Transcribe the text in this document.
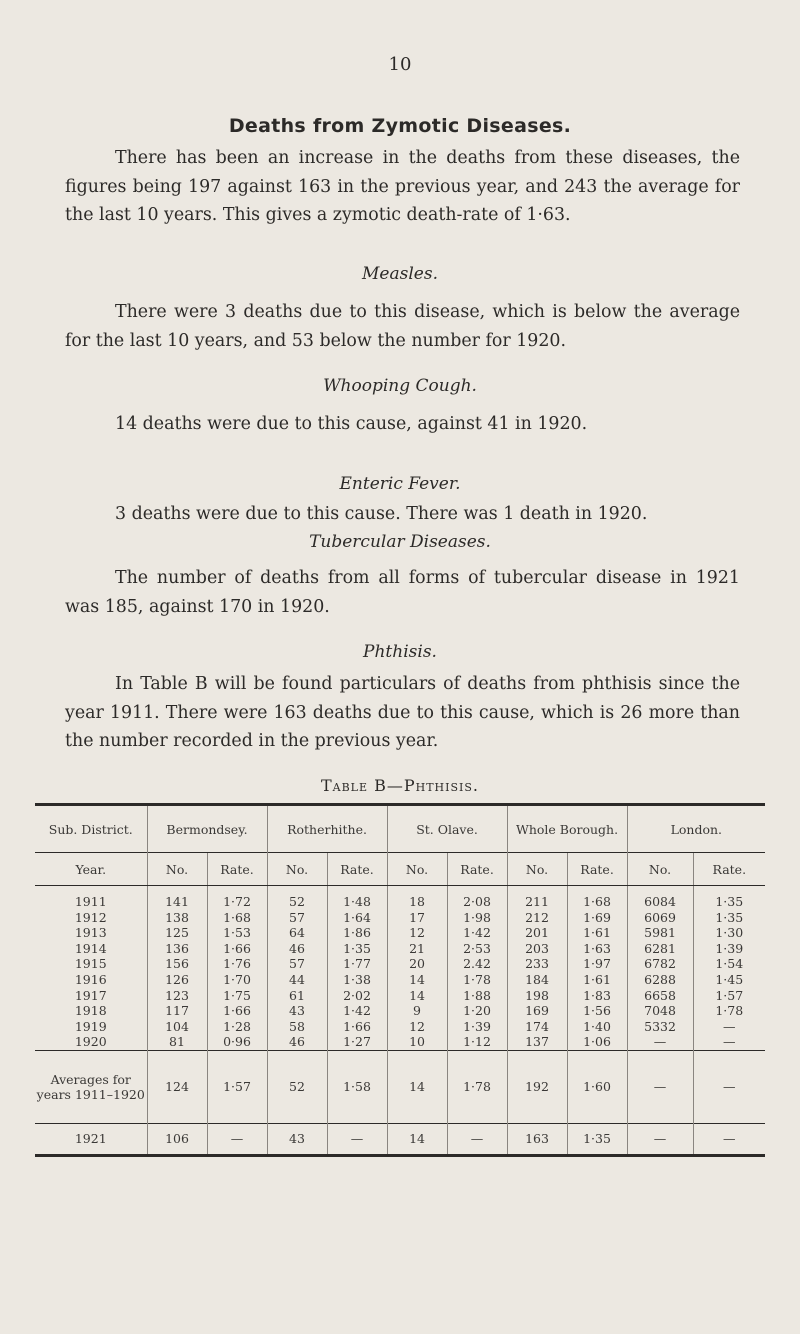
10
Deaths from Zymotic Diseases.

There has been an increase in the deaths from these diseases, the figures being 197 against 163 in the previous year, and 243 the average for the last 10 years. This gives a zymotic death-rate of 1·63.

Measles.

There were 3 deaths due to this disease, which is below the average for the last 10 years, and 53 below the number for 1920.

Whooping Cough.

14 deaths were due to this cause, against 41 in 1920.

Enteric Fever.

3 deaths were due to this cause. There was 1 death in 1920.

Tubercular Diseases.

The number of deaths from all forms of tubercular disease in 1921 was 185, against 170 in 1920.

Phthisis.

In Table B will be found particulars of deaths from phthisis since the year 1911. There were 163 deaths due to this cause, which is 26 more than the number recorded in the previous year.

Table B—Phthisis.
Sub. District.	Bermondsey.		Rotherhithe.		St. Olave.		Whole Borough.		London.	
Year.	No.	Rate.	No.	Rate.	No.	Rate.	No.	Rate.	No.	Rate.
1911	141	1·72	52	1·48	18	2·08	211	1·68	6084	1·35
1912	138	1·68	57	1·64	17	1·98	212	1·69	6069	1·35
1913	125	1·53	64	1·86	12	1·42	201	1·61	5981	1·30
1914	136	1·66	46	1·35	21	2·53	203	1·63	6281	1·39
1915	156	1·76	57	1·77	20	2.42	233	1·97	6782	1·54
1916	126	1·70	44	1·38	14	1·78	184	1·61	6288	1·45
1917	123	1·75	61	2·02	14	1·88	198	1·83	6658	1·57
1918	117	1·66	43	1·42	9	1·20	169	1·56	7048	1·78
1919	104	1·28	58	1·66	12	1·39	174	1·40	5332	—
1920	81	0·96	46	1·27	10	1·12	137	1·06	—	—
Averages for years 1911–1920	124	1·57	52	1·58	14	1·78	192	1·60	—	—
1921	106	—	43	—	14	—	163	1·35	—	—
